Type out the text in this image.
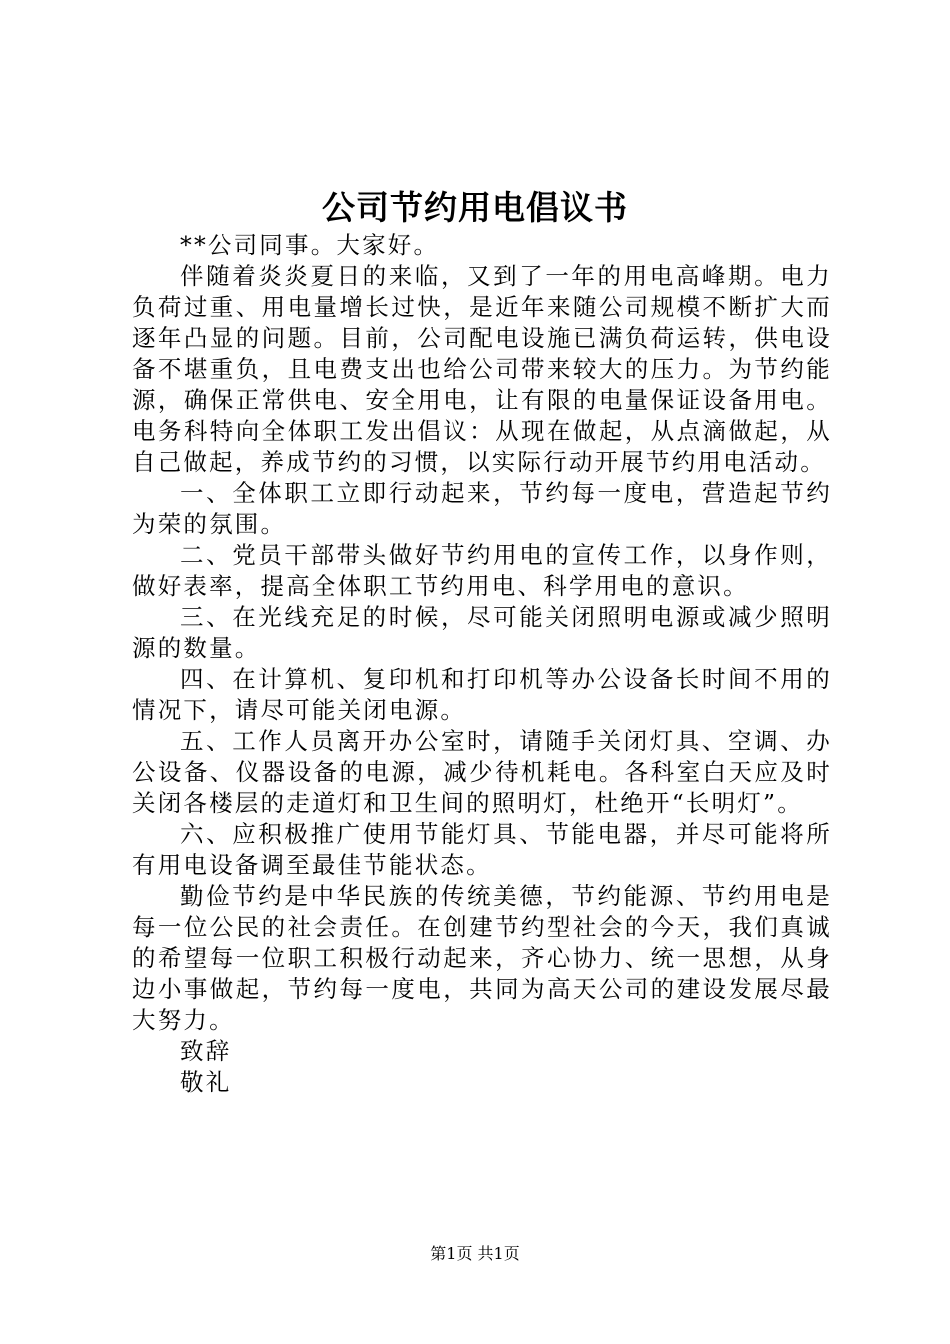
公司节约用电倡议书

**公司同事。大家好。

伴随着炎炎夏日的来临，又到了一年的用电高峰期。电力负荷过重、用电量增长过快，是近年来随公司规模不断扩大而逐年凸显的问题。目前，公司配电设施已满负荷运转，供电设备不堪重负，且电费支出也给公司带来较大的压力。为节约能源，确保正常供电、安全用电，让有限的电量保证设备用电。电务科特向全体职工发出倡议：从现在做起，从点滴做起，从自己做起，养成节约的习惯，以实际行动开展节约用电活动。

一、全体职工立即行动起来，节约每一度电，营造起节约为荣的氛围。

二、党员干部带头做好节约用电的宣传工作，以身作则，做好表率，提高全体职工节约用电、科学用电的意识。

三、在光线充足的时候，尽可能关闭照明电源或减少照明源的数量。

四、在计算机、复印机和打印机等办公设备长时间不用的情况下，请尽可能关闭电源。

五、工作人员离开办公室时，请随手关闭灯具、空调、办公设备、仪器设备的电源，减少待机耗电。各科室白天应及时关闭各楼层的走道灯和卫生间的照明灯，杜绝开“长明灯”。

六、应积极推广使用节能灯具、节能电器，并尽可能将所有用电设备调至最佳节能状态。

勤俭节约是中华民族的传统美德，节约能源、节约用电是每一位公民的社会责任。在创建节约型社会的今天，我们真诚的希望每一位职工积极行动起来，齐心协力、统一思想，从身边小事做起，节约每一度电，共同为高天公司的建设发展尽最大努力。

致辞

敬礼

第1页 共1页
